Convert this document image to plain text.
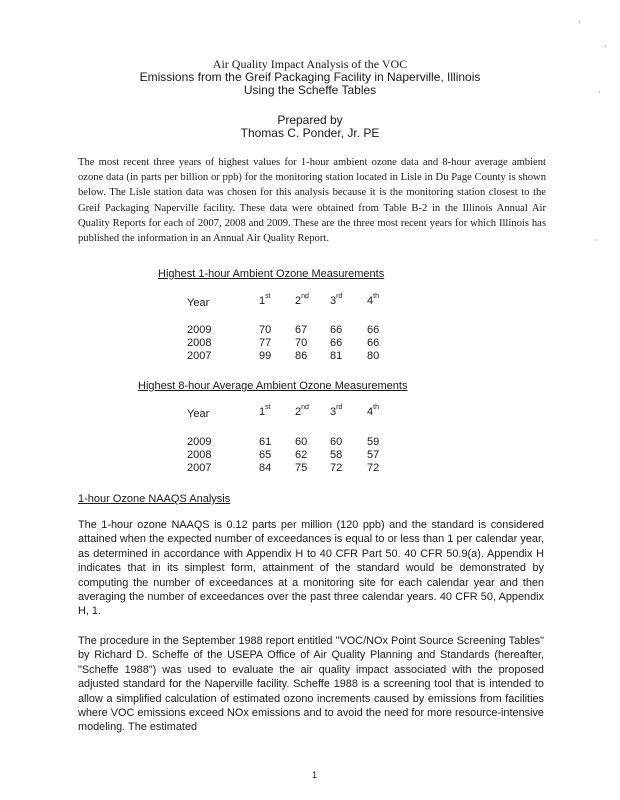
Air Quality Impact Analysis of the VOC
Emissions from the Greif Packaging Facility in Naperville, Illinois
Using the Scheffe Tables
Prepared by
Thomas C. Ponder, Jr. PE
The most recent three years of highest values for 1-hour ambient ozone data and 8-hour average ambient ozone data (in parts per billion or ppb) for the monitoring station located in Lisle in Du Page County is shown below. The Lisle station data was chosen for this analysis because it is the monitoring station closest to the Greif Packaging Naperville facility. These data were obtained from Table B-2 in the Illinois Annual Air Quality Reports for each of 2007, 2008 and 2009. These are the three most recent years for which Illinois has published the information in an Annual Air Quality Report.
Highest 1-hour Ambient Ozone Measurements
Year	1st 2nd 3rd 4th
2009	70 67 66 66
2008	77 70 66 66
2007	99 86 81 80
Highest 8-hour Average Ambient Ozone Measurements
Year	1st 2nd 3rd 4th
2009	61 60 60 59
2008	65 62 58 57
2007	84 75 72 72
1-hour Ozone NAAQS Analysis
The 1-hour ozone NAAQS is 0.12 parts per million (120 ppb) and the standard is considered attained when the expected number of exceedances is equal to or less than 1 per calendar year, as determined in accordance with Appendix H to 40 CFR Part 50. 40 CFR 50.9(a). Appendix H indicates that in its simplest form, attainment of the standard would be demonstrated by computing the number of exceedances at a monitoring site for each calendar year and then averaging the number of exceedances over the past three calendar years. 40 CFR 50, Appendix H, 1.
The procedure in the September 1988 report entitled "VOC/NOx Point Source Screening Tables" by Richard D. Scheffe of the USEPA Office of Air Quality Planning and Standards (hereafter, "Scheffe 1988") was used to evaluate the air quality impact associated with the proposed adjusted standard for the Naperville facility. Scheffe 1988 is a screening tool that is intended to allow a simplified calculation of estimated ozono increments caused by emissions from facilities where VOC emissions exceed NOx emissions and to avoid the need for more resource-intensive modeling. The estimated
1
·
·
·
·
